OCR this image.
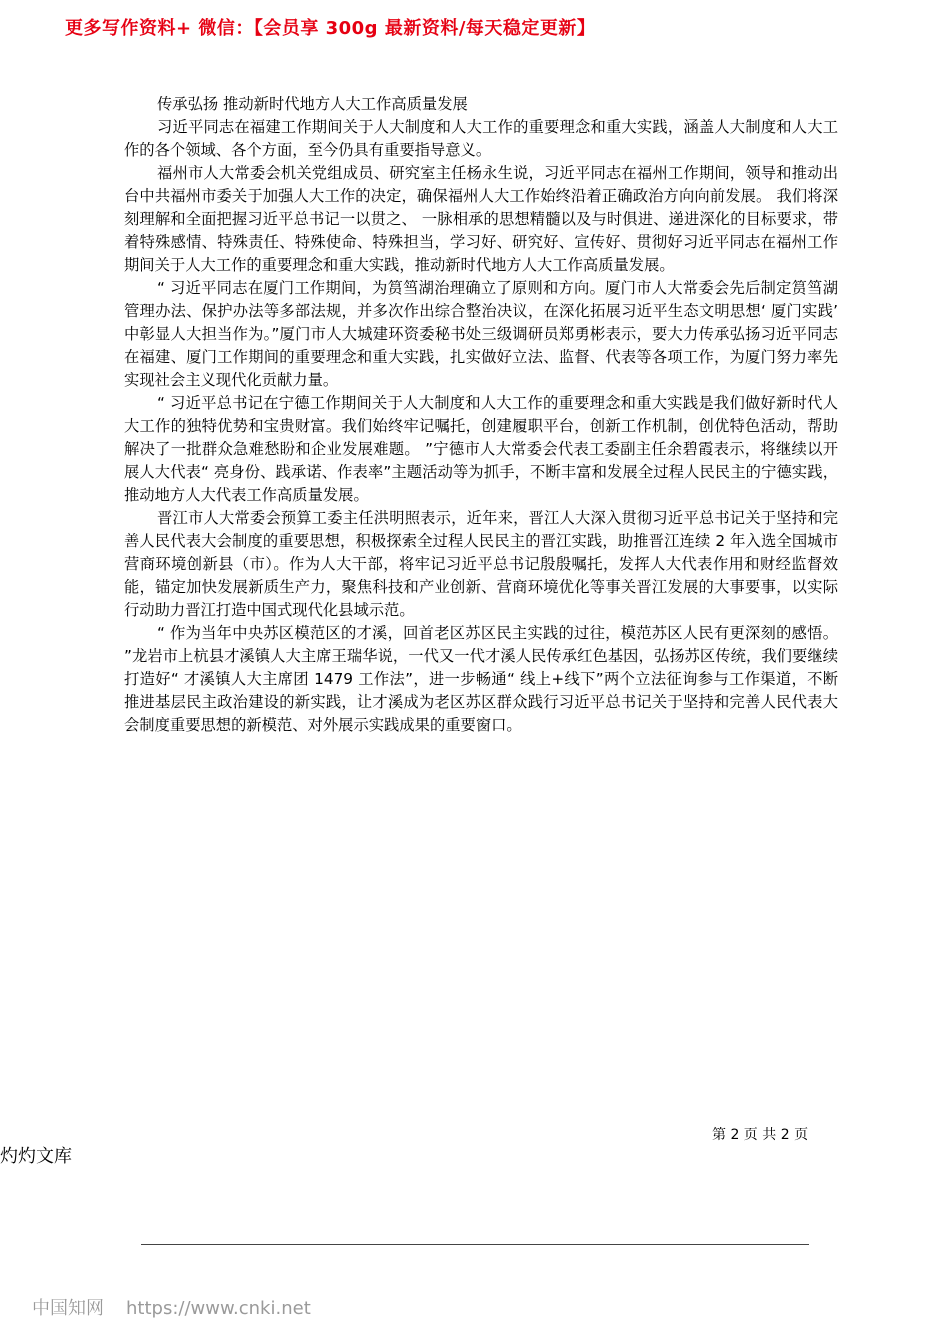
更多写作资料+ 微信：【会员享 300g 最新资料/每天稳定更新】
传承弘扬 推动新时代地方人大工作高质量发展

习近平同志在福建工作期间关于人大制度和人大工作的重要理念和重大实践，涵盖人大制度和人大工作的各个领域、各个方面，至今仍具有重要指导意义。

福州市人大常委会机关党组成员、研究室主任杨永生说，习近平同志在福州工作期间，领导和推动出台中共福州市委关于加强人大工作的决定，确保福州人大工作始终沿着正确政治方向向前发展。 我们将深刻理解和全面把握习近平总书记一以贯之、 一脉相承的思想精髓以及与时俱进、递进深化的目标要求，带着特殊感情、特殊责任、特殊使命、特殊担当，学习好、研究好、宣传好、贯彻好习近平同志在福州工作期间关于人大工作的重要理念和重大实践，推动新时代地方人大工作高质量发展。

“ 习近平同志在厦门工作期间，为筼筜湖治理确立了原则和方向。厦门市人大常委会先后制定筼筜湖管理办法、保护办法等多部法规，并多次作出综合整治决议，在深化拓展习近平生态文明思想‘ 厦门实践’ 中彰显人大担当作为。”厦门市人大城建环资委秘书处三级调研员郑勇彬表示，要大力传承弘扬习近平同志在福建、厦门工作期间的重要理念和重大实践，扎实做好立法、监督、代表等各项工作，为厦门努力率先实现社会主义现代化贡献力量。

“ 习近平总书记在宁德工作期间关于人大制度和人大工作的重要理念和重大实践是我们做好新时代人大工作的独特优势和宝贵财富。我们始终牢记嘱托，创建履职平台，创新工作机制，创优特色活动，帮助解决了一批群众急难愁盼和企业发展难题。 ”宁德市人大常委会代表工委副主任余碧霞表示，将继续以开展人大代表“ 亮身份、践承诺、作表率”主题活动等为抓手，不断丰富和发展全过程人民民主的宁德实践，推动地方人大代表工作高质量发展。

晋江市人大常委会预算工委主任洪明照表示，近年来，晋江人大深入贯彻习近平总书记关于坚持和完善人民代表大会制度的重要思想，积极探索全过程人民民主的晋江实践，助推晋江连续 2 年入选全国城市营商环境创新县（市）。作为人大干部，将牢记习近平总书记殷殷嘱托，发挥人大代表作用和财经监督效能，锚定加快发展新质生产力，聚焦科技和产业创新、营商环境优化等事关晋江发展的大事要事，以实际行动助力晋江打造中国式现代化县域示范。

“ 作为当年中央苏区模范区的才溪，回首老区苏区民主实践的过往，模范苏区人民有更深刻的感悟。 ”龙岩市上杭县才溪镇人大主席王瑞华说，一代又一代才溪人民传承红色基因，弘扬苏区传统，我们要继续打造好“ 才溪镇人大主席团 1479 工作法”，进一步畅通“ 线上+线下”两个立法征询参与工作渠道，不断推进基层民主政治建设的新实践，让才溪成为老区苏区群众践行习近平总书记关于坚持和完善人民代表大会制度重要思想的新模范、对外展示实践成果的重要窗口。

第 2 页 共 2 页
灼灼文库
中国知网 https://www.cnki.net
